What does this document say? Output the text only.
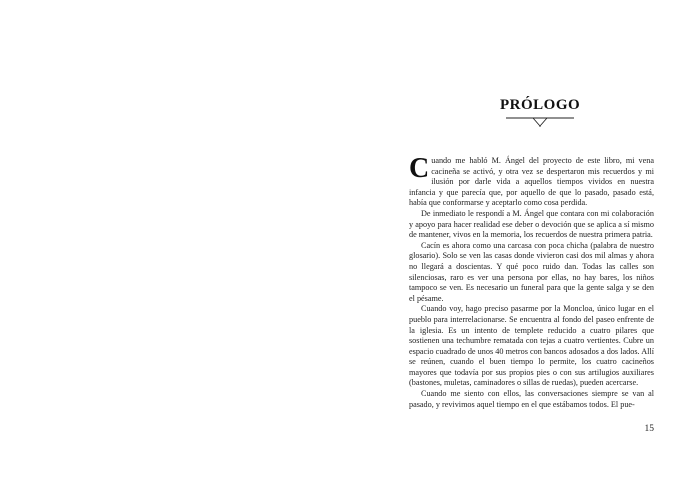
PRÓLOGO

Cuando me habló M. Ángel del proyecto de este libro, mi vena cacineña se activó, y otra vez se despertaron mis recuerdos y mi ilusión por darle vida a aquellos tiempos vividos en nuestra infancia y que parecía que, por aquello de que lo pasado, pasado está, había que conformarse y aceptarlo como cosa perdida.

De inmediato le respondí a M. Ángel que contara con mi colaboración y apoyo para hacer realidad ese deber o devoción que se aplica a sí mismo de mantener, vivos en la memoria, los recuerdos de nuestra primera patria.

Cacín es ahora como una carcasa con poca chicha (palabra de nuestro glosario). Solo se ven las casas donde vivieron casi dos mil almas y ahora no llegará a doscientas. Y qué poco ruido dan. Todas las calles son silenciosas, raro es ver una persona por ellas, no hay bares, los niños tampoco se ven. Es necesario un funeral para que la gente salga y se den el pésame.

Cuando voy, hago preciso pasarme por la Moncloa, único lugar en el pueblo para interrelacionarse. Se encuentra al fondo del paseo enfrente de la iglesia. Es un intento de templete reducido a cuatro pilares que sostienen una techumbre rematada con tejas a cuatro vertientes. Cubre un espacio cuadrado de unos 40 metros con bancos adosados a dos lados. Allí se reúnen, cuando el buen tiempo lo permite, los cuatro cacineños mayores que todavía por sus propios pies o con sus artilugios auxiliares (bastones, muletas, caminadores o sillas de ruedas), pueden acercarse.

Cuando me siento con ellos, las conversaciones siempre se van al pasado, y revivimos aquel tiempo en el que estábamos todos. El pue-

15
